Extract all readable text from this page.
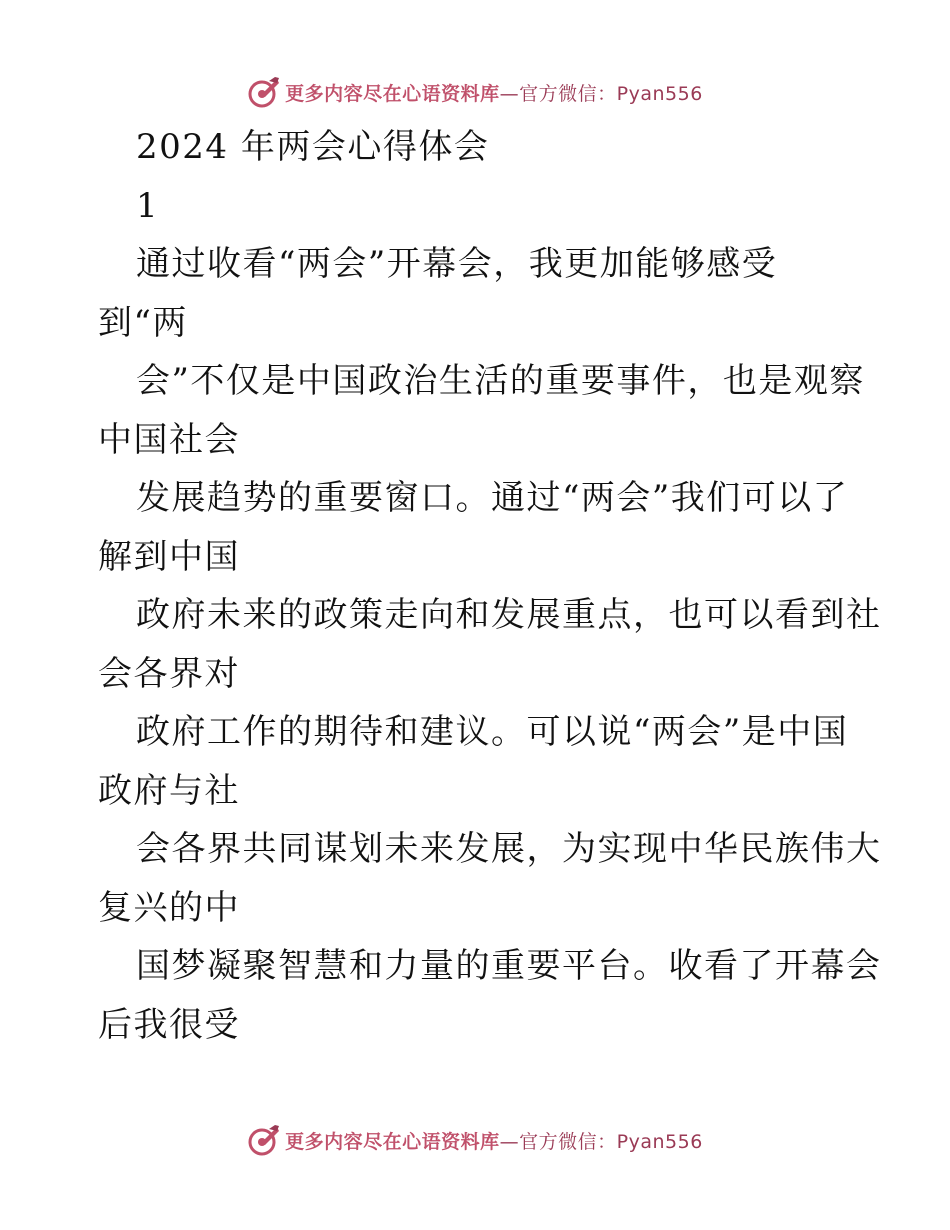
更多内容尽在心语资料库—官方微信：Pyan556
2024 年两会心得体会
1
通过收看“两会”开幕会，我更加能够感受
到“两
会”不仅是中国政治生活的重要事件，也是观察
中国社会
发展趋势的重要窗口。通过“两会”我们可以了
解到中国
政府未来的政策走向和发展重点，也可以看到社
会各界对
政府工作的期待和建议。可以说“两会”是中国
政府与社
会各界共同谋划未来发展，为实现中华民族伟大
复兴的中
国梦凝聚智慧和力量的重要平台。收看了开幕会
后我很受
更多内容尽在心语资料库—官方微信：Pyan556
